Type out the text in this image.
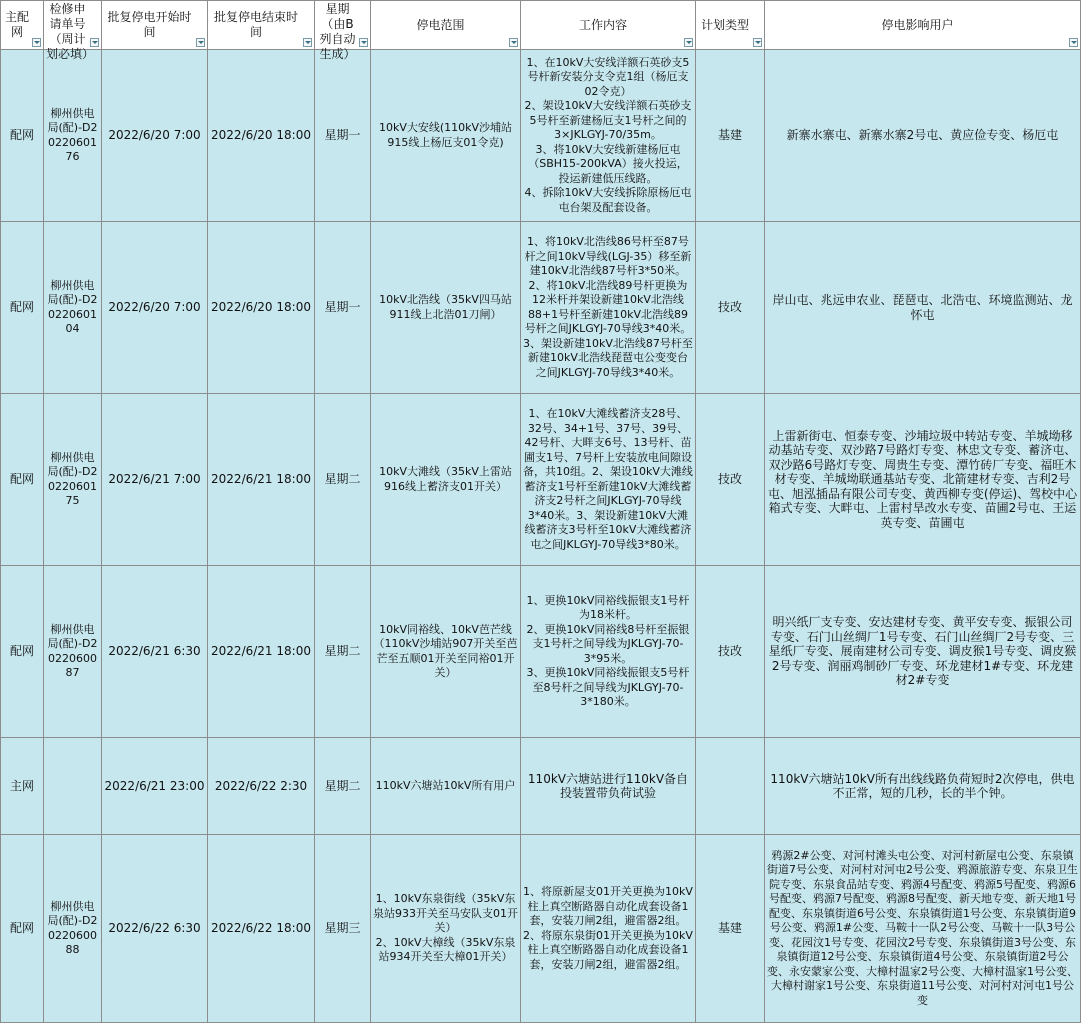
主配网	检修申请单号（周计划必填）	批复停电开始时间	批复停电结束时间	星期（由B列自动生成）	停电范围	工作内容	计划类型	停电影响用户

配网	柳州供电局(配)-D2022060176	2022/6/20 7:00	2022/6/20 18:00	星期一	10kV大安线(110kV沙埔站915线上杨厄支01令克)	1、在10kV大安线洋额石英砂支5号杆新安装分支令克1组（杨厄支02令克）
2、架设10kV大安线洋额石英砂支5号杆至新建杨厄支1号杆之间的3×JKLGYJ-70/35m。
3、将10kV大安线新建杨厄屯（SBH15-200kVA）接火投运，投运新建低压线路。
4、拆除10kV大安线拆除原杨厄屯屯台架及配套设备。	基建	新寨水寨屯、新寨水寨2号屯、黄应俭专变、杨厄屯
配网	柳州供电局(配)-D2022060104	2022/6/20 7:00	2022/6/20 18:00	星期一	10kV北浩线（35kV四马站911线上北浩01刀闸）	1、将10kV北浩线86号杆至87号杆之间10kV导线(LGJ-35）移至新建10kV北浩线87号杆3*50米。
2、将10kV北浩线89号杆更换为12米杆并架设新建10kV北浩线88+1号杆至新建10kV北浩线89号杆之间JKLGYJ-70导线3*40米。
3、架设新建10kV北浩线87号杆至新建10kV北浩线琵琶屯公变变台之间JKLGYJ-70导线3*40米。	技改	岸山屯、兆远申农业、琵琶屯、北浩屯、环境监测站、龙怀屯
配网	柳州供电局(配)-D2022060175	2022/6/21 7:00	2022/6/21 18:00	星期二	10kV大滩线（35kV上雷站916线上蓄济支01开关）	1、在10kV大滩线蓄济支28号、32号、34+1号、37号、39号、42号杆、大畔支6号、13号杆、苗圃支1号、7号杆上安装放电间隙设备，共10组。2、架设10kV大滩线蓄济支1号杆至新建10kV大滩线蓄济支2号杆之间JKLGYJ-70导线3*40米。3、架设新建10kV大滩线蓄济支3号杆至10kV大滩线蓄济屯之间JKLGYJ-70导线3*80米。	技改	上雷新街屯、恒泰专变、沙埔垃圾中转站专变、羊城坳移动基站专变、双沙路7号路灯专变、林忠文专变、蓄济屯、双沙路6号路灯专变、周贵生专变、潭竹砖厂专变、福旺木材专变、羊城坳联通基站专变、北箭建材专变、吉利2号屯、旭泓插品有限公司专变、黄西柳专变(停运)、驾校中心箱式专变、大畔屯、上雷村旱改水专变、苗圃2号屯、王运英专变、苗圃屯
配网	柳州供电局(配)-D2022060087	2022/6/21 6:30	2022/6/21 18:00	星期二	10kV同裕线、10kV芭芒线（110kV沙埔站907开关至芭芒至五顺01开关至同裕01开关）	1、更换10kV同裕线振银支1号杆为18米杆。
2、更换10kV同裕线8号杆至振银支1号杆之间导线为JKLGYJ-70-3*95米。
3、更换10kV同裕线振银支5号杆至8号杆之间导线为JKLGYJ-70-3*180米。	技改	明兴纸厂支专变、安达建材专变、黄平安专变、振银公司专变、石门山丝绸厂1号专变、石门山丝绸厂2号专变、三星纸厂专变、展南建材公司专变、调皮猴1号专变、调皮猴2号专变、润丽鸡制砂厂专变、环龙建材1#专变、环龙建材2#专变
主网		2022/6/21 23:00	2022/6/22 2:30	星期二	110kV六塘站10kV所有用户	110kV六塘站进行110kV备自投装置带负荷试验		110kV六塘站10kV所有出线线路负荷短时2次停电，供电不正常，短的几秒，长的半个钟。
配网	柳州供电局(配)-D2022060088	2022/6/22 6:30	2022/6/22 18:00	星期三	1、10kV东泉街线（35kV东泉站933开关至马安队支01开关）
2、10kV大樟线（35kV东泉站934开关至大樟01开关）	1、将原新屋支01开关更换为10kV柱上真空断路器自动化成套设备1套，安装刀闸2组，避雷器2组。2、将原东泉街01开关更换为10kV柱上真空断路器自动化成套设备1套，安装刀闸2组，避雷器2组。	基建	鸦源2#公变、对河村滩头屯公变、对河村新屋屯公变、东泉镇街道7号公变、对河村对河屯2号公变、鸦源旅游专变、东泉卫生院专变、东泉食品站专变、鸦源4号配变、鸦源5号配变、鸦源6号配变、鸦源7号配变、鸦源8号配变、新天地专变、新天地1号配变、东泉镇街道6号公变、东泉镇街道1号公变、东泉镇街道9号公变、鸦源1#公变、马鞍十一队2号公变、马鞍十一队3号公变、花园汶1号专变、花园汶2号专变、东泉镇街道3号公变、东泉镇街道12号公变、东泉镇街道4号公变、东泉镇街道2号公变、永安蒙家公变、大樟村温家2号公变、大樟村温家1号公变、大樟村谢家1号公变、东泉街道11号公变、对河村对河屯1号公变
